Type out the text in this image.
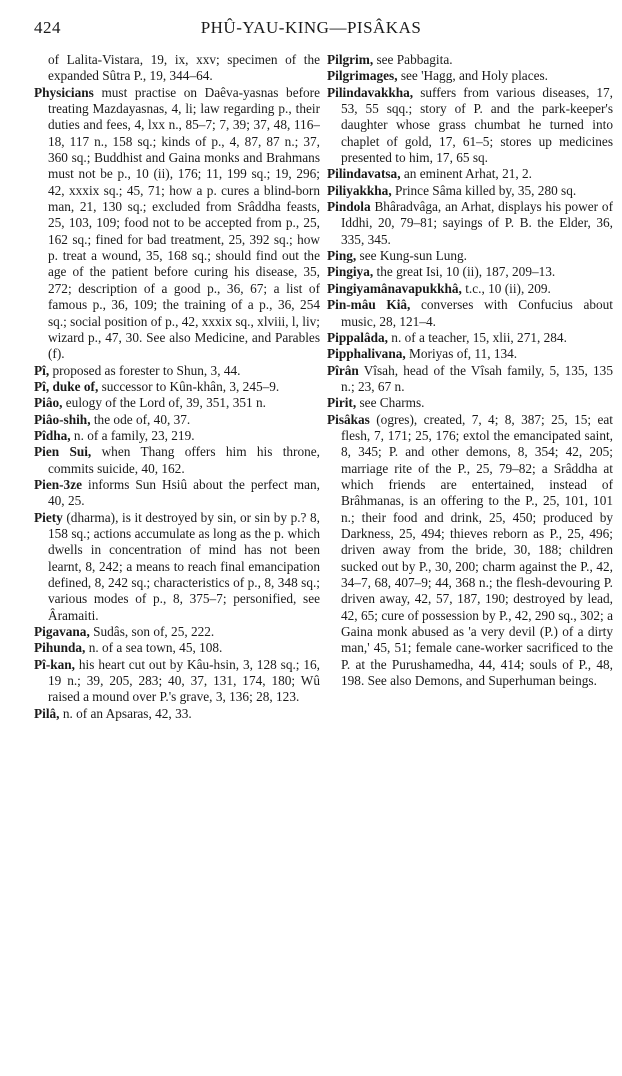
424	PHÛ-YAU-KING—PISÂKAS
of Lalita-Vistara, 19, ix, xxv; specimen of the expanded Sûtra P., 19, 344–64.
Physicians must practise on Daêva-yasnas before treating Mazdayasnas, 4, li; law regarding p., their duties and fees, 4, lxx n., 85–7; 7, 39; 37, 48, 116–18, 117 n., 158 sq.; kinds of p., 4, 87, 87 n.; 37, 360 sq.; Buddhist and Gaina monks and Brahmans must not be p., 10 (ii), 176; 11, 199 sq.; 19, 296; 42, xxxix sq.; 45, 71; how a p. cures a blind-born man, 21, 130 sq.; excluded from Srâddha feasts, 25, 103, 109; food not to be accepted from p., 25, 162 sq.; fined for bad treatment, 25, 392 sq.; how p. treat a wound, 35, 168 sq.; should find out the age of the patient before curing his disease, 35, 272; description of a good p., 36, 67; a list of famous p., 36, 109; the training of a p., 36, 254 sq.; social position of p., 42, xxxix sq., xlviii, l, liv; wizard p., 47, 30. See also Medicine, and Parables (f).
Pî, proposed as forester to Shun, 3, 44.
Pî, duke of, successor to Kûn-khân, 3, 245–9.
Piâo, eulogy of the Lord of, 39, 351, 351 n.
Piâo-shih, the ode of, 40, 37.
Pîdha, n. of a family, 23, 219.
Pien Sui, when Thang offers him his throne, commits suicide, 40, 162.
Pien-3ze informs Sun Hsiû about the perfect man, 40, 25.
Piety (dharma), is it destroyed by sin, or sin by p.? 8, 158 sq.; actions accumulate as long as the p. which dwells in concentration of mind has not been learnt, 8, 242; a means to reach final emancipation defined, 8, 242 sq.; characteristics of p., 8, 348 sq.; various modes of p., 8, 375–7; personified, see Âramaiti.
Pigavana, Sudâs, son of, 25, 222.
Pihunda, n. of a sea town, 45, 108.
Pî-kan, his heart cut out by Kâu-hsin, 3, 128 sq.; 16, 19 n.; 39, 205, 283; 40, 37, 131, 174, 180; Wû raised a mound over P.'s grave, 3, 136; 28, 123.
Pilâ, n. of an Apsaras, 42, 33.
Pilgrim, see Pabbagita.
Pilgrimages, see 'Hagg, and Holy places.
Pilindavakkha, suffers from various diseases, 17, 53, 55 sqq.; story of P. and the park-keeper's daughter whose grass chumbat he turned into chaplet of gold, 17, 61–5; stores up medicines presented to him, 17, 65 sq.
Pilindavatsa, an eminent Arhat, 21, 2.
Piliyakkha, Prince Sâma killed by, 35, 280 sq.
Pindola Bhâradvâga, an Arhat, displays his power of Iddhi, 20, 79–81; sayings of P. B. the Elder, 36, 335, 345.
Ping, see Kung-sun Lung.
Pingiya, the great Isi, 10 (ii), 187, 209–13.
Pingiyamânavapukkhâ, t.c., 10 (ii), 209.
Pin-mâu Kiâ, converses with Confucius about music, 28, 121–4.
Pippalâda, n. of a teacher, 15, xlii, 271, 284.
Pipphalivana, Moriyas of, 11, 134.
Pîrân Vîsah, head of the Vîsah family, 5, 135, 135 n.; 23, 67 n.
Pirit, see Charms.
Pisâkas (ogres), created, 7, 4; 8, 387; 25, 15; eat flesh, 7, 171; 25, 176; extol the emancipated saint, 8, 345; P. and other demons, 8, 354; 42, 205; marriage rite of the P., 25, 79–82; a Srâddha at which friends are entertained, instead of Brâhmanas, is an offering to the P., 25, 101, 101 n.; their food and drink, 25, 450; produced by Darkness, 25, 494; thieves reborn as P., 25, 496; driven away from the bride, 30, 188; children sucked out by P., 30, 200; charm against the P., 42, 34–7, 68, 407–9; 44, 368 n.; the flesh-devouring P. driven away, 42, 57, 187, 190; destroyed by lead, 42, 65; cure of possession by P., 42, 290 sq., 302; a Gaina monk abused as 'a very devil (P.) of a dirty man,' 45, 51; female cane-worker sacrificed to the P. at the Purushamedha, 44, 414; souls of P., 48, 198. See also Demons, and Superhuman beings.
